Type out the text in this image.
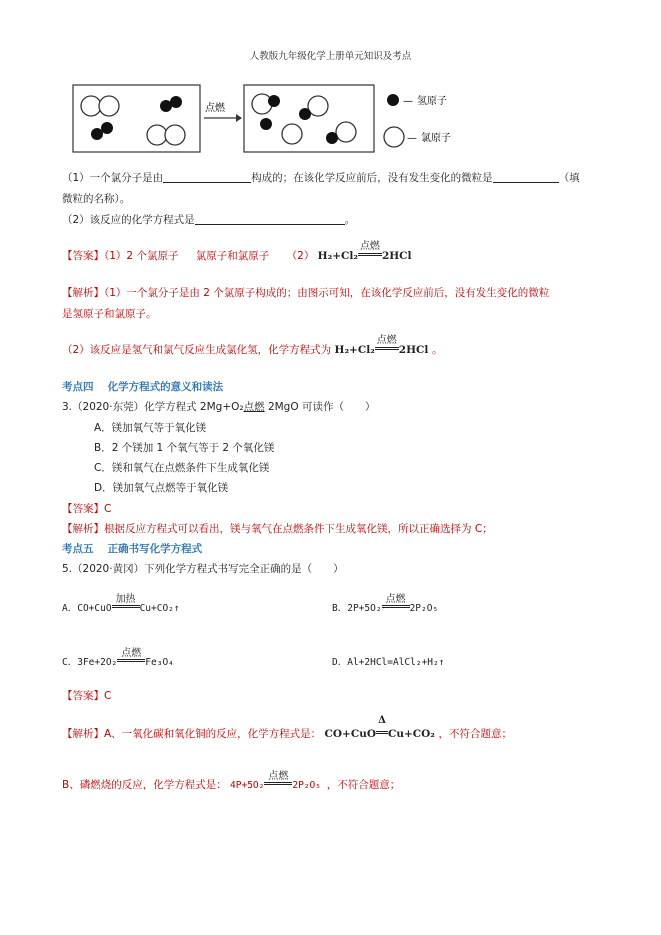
人教版九年级化学上册单元知识及考点
点燃
— 氢原子
— 氯原子
（1）一个氯分子是由	构成的；在该化学反应前后，没有发生变化的微粒是	（填
微粒的名称）。
（2）该反应的化学方程式是	。
【答案】（1）2 个氯原子 氯原子和氯原子 （2） H₂+Cl₂
点燃
2HCl
【解析】（1）一个氯分子是由 2 个氯原子构成的；由图示可知，在该化学反应前后，没有发生变化的微粒
是氢原子和氯原子。
（2）该反应是氢气和氯气反应生成氯化氢，化学方程式为 H₂+Cl₂
点燃
2HCl 。
考点四　 化学方程式的意义和读法
3.（2020·东莞）化学方程式 2Mg+O₂点燃 2MgO 可读作（　　）
A．镁加氧气等于氧化镁
B．2 个镁加 1 个氧气等于 2 个氧化镁
C．镁和氧气在点燃条件下生成氧化镁
D．镁加氧气点燃等于氧化镁
【答案】C
【解析】根据反应方程式可以看出，镁与氧气在点燃条件下生成氧化镁，所以正确选择为 C；
考点五　 正确书写化学方程式
5.（2020·黄冈）下列化学方程式书写完全正确的是（　　）
A．CO+CuO
加热
Cu+CO₂↑	B．2P+5O₂
点燃
2P₂O₅
C．3Fe+2O₂
点燃
Fe₃O₄	D．Al+2HCl=AlCl₂+H₂↑
【答案】C
【解析】A、一氧化碳和氧化铜的反应，化学方程式是： CO+CuO
Δ
Cu+CO₂ ，不符合题意；
B、磷燃烧的反应，化学方程式是： 4P+5O₂
点燃
2P₂O₅ ，不符合题意；
